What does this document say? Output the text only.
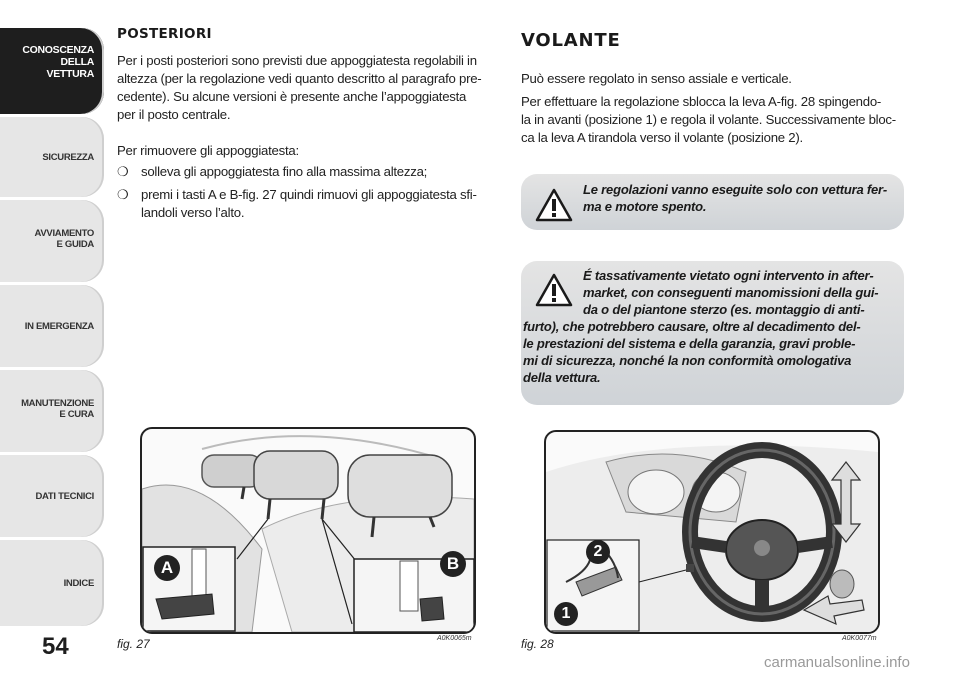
CONOSCENZA
DELLA
VETTURA
SICUREZZA
AVVIAMENTO
E GUIDA
IN EMERGENZA
MANUTENZIONE
E CURA
DATI TECNICI
INDICE
54
POSTERIORI
Per i posti posteriori sono previsti due appoggiatesta regolabili in
altezza (per la regolazione vedi quanto descritto al paragrafo pre-
cedente). Su alcune versioni è presente anche l’appoggiatesta
per il posto centrale.
Per rimuovere gli appoggiatesta:
❍ solleva gli appoggiatesta fino alla massima altezza;
❍ premi i tasti A e B-fig. 27 quindi rimuovi gli appoggiatesta sfi-
landoli verso l’alto.
A	B
fig. 27	A0K0065m
VOLANTE
Può essere regolato in senso assiale e verticale.
Per effettuare la regolazione sblocca la leva A-fig. 28 spingendo-
la in avanti (posizione 1) e regola il volante. Successivamente bloc-
ca la leva A tirandola verso il volante (posizione 2).
Le regolazioni vanno eseguite solo con vettura fer-
ma e motore spento.
É tassativamente vietato ogni intervento in after-
market, con conseguenti manomissioni della gui-
da o del piantone sterzo (es. montaggio di anti-
furto), che potrebbero causare, oltre al decadimento del-
le prestazioni del sistema e della garanzia, gravi proble-
mi di sicurezza, nonché la non conformità omologativa
della vettura.
2
1
fig. 28	A0K0077m
carmanualsonline.info
